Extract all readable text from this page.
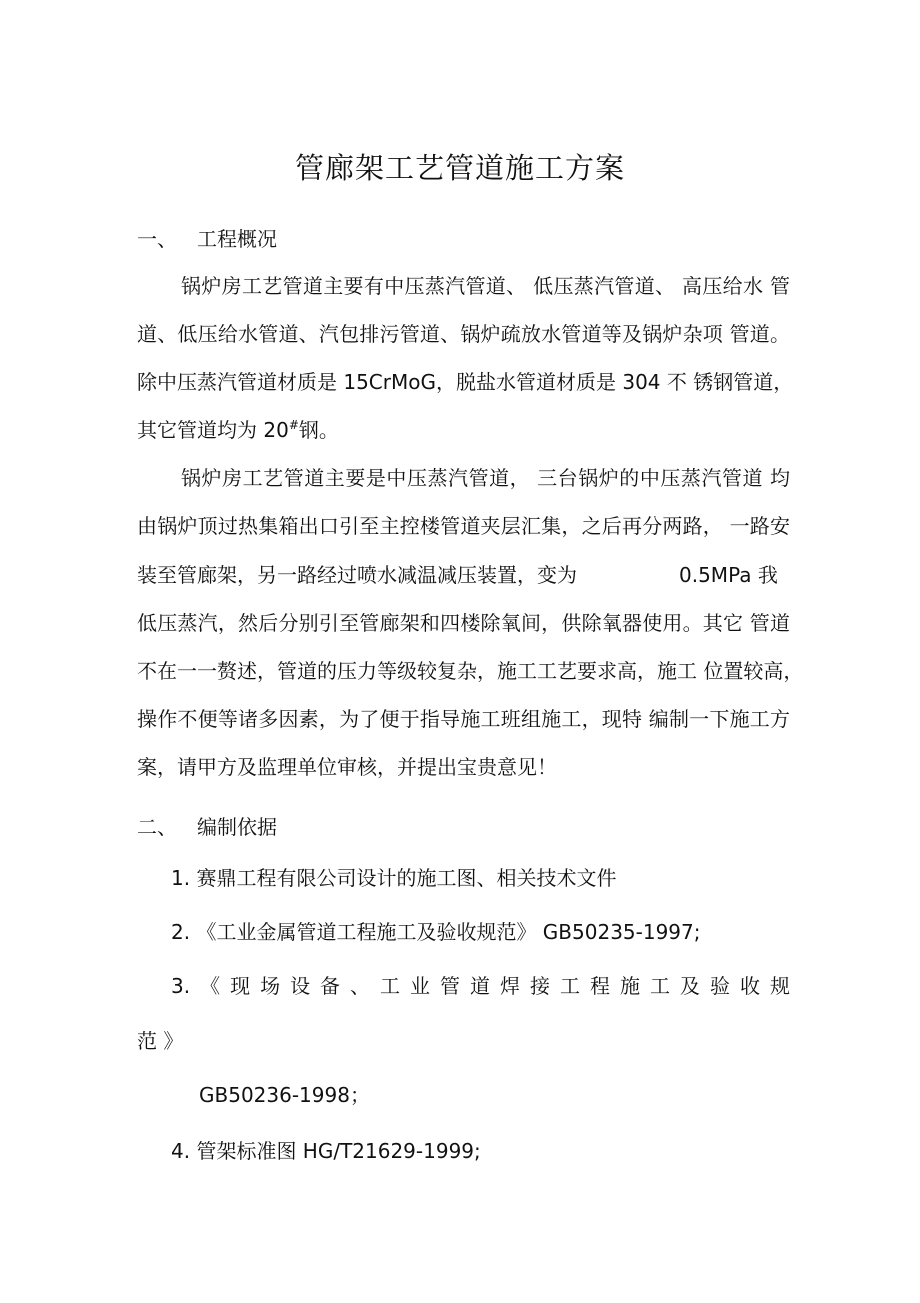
管廊架工艺管道施工方案
一、 工程概况
锅炉房工艺管道主要有中压蒸汽管道、 低压蒸汽管道、 高压给水 管
道、低压给水管道、汽包排污管道、锅炉疏放水管道等及锅炉杂项 管道。
除中压蒸汽管道材质是 15CrMoG，脱盐水管道材质是 304 不 锈钢管道，
其它管道均为 20#钢。
锅炉房工艺管道主要是中压蒸汽管道， 三台锅炉的中压蒸汽管道 均
由锅炉顶过热集箱出口引至主控楼管道夹层汇集，之后再分两路， 一路安
装至管廊架，另一路经过喷水减温减压装置，变为	0.5MPa 我
低压蒸汽，然后分别引至管廊架和四楼除氧间，供除氧器使用。其它 管道
不在一一赘述，管道的压力等级较复杂，施工工艺要求高，施工 位置较高，
操作不便等诸多因素，为了便于指导施工班组施工，现特 编制一下施工方
案，请甲方及监理单位审核，并提出宝贵意见！
二、 编制依据
1. 赛鼎工程有限公司设计的施工图、相关技术文件
2. 《工业金属管道工程施工及验收规范》 GB50235-1997;
3.《现场设备、工业管道焊接工程施工及验收规
范 》
GB50236-1998；
4. 管架标准图 HG/T21629-1999;
